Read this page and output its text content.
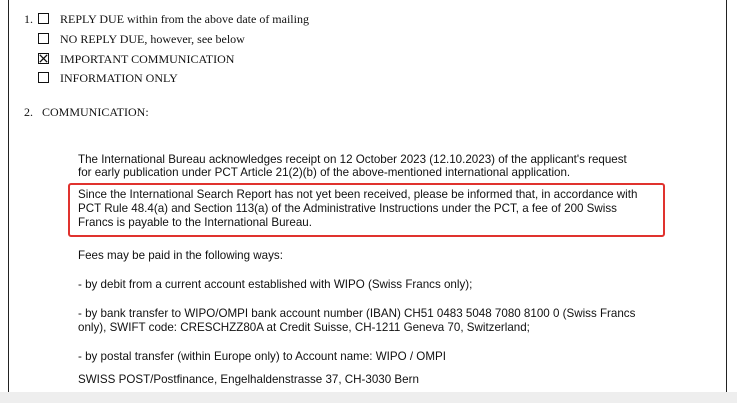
1. REPLY DUE within from the above date of mailing
NO REPLY DUE, however, see below
IMPORTANT COMMUNICATION
INFORMATION ONLY
2. COMMUNICATION:
The International Bureau acknowledges receipt on 12 October 2023 (12.10.2023) of the applicant's request
for early publication under PCT Article 21(2)(b) of the above-mentioned international application.
Since the International Search Report has not yet been received, please be informed that, in accordance with
PCT Rule 48.4(a) and Section 113(a) of the Administrative Instructions under the PCT, a fee of 200 Swiss
Francs is payable to the International Bureau.
Fees may be paid in the following ways:
- by debit from a current account established with WIPO (Swiss Francs only);
- by bank transfer to WIPO/OMPI bank account number (IBAN) CH51 0483 5048 7080 8100 0 (Swiss Francs
only), SWIFT code: CRESCHZZ80A at Credit Suisse, CH-1211 Geneva 70, Switzerland;
- by postal transfer (within Europe only) to Account name: WIPO / OMPI
SWISS POST/Postfinance, Engelhaldenstrasse 37, CH-3030 Bern
